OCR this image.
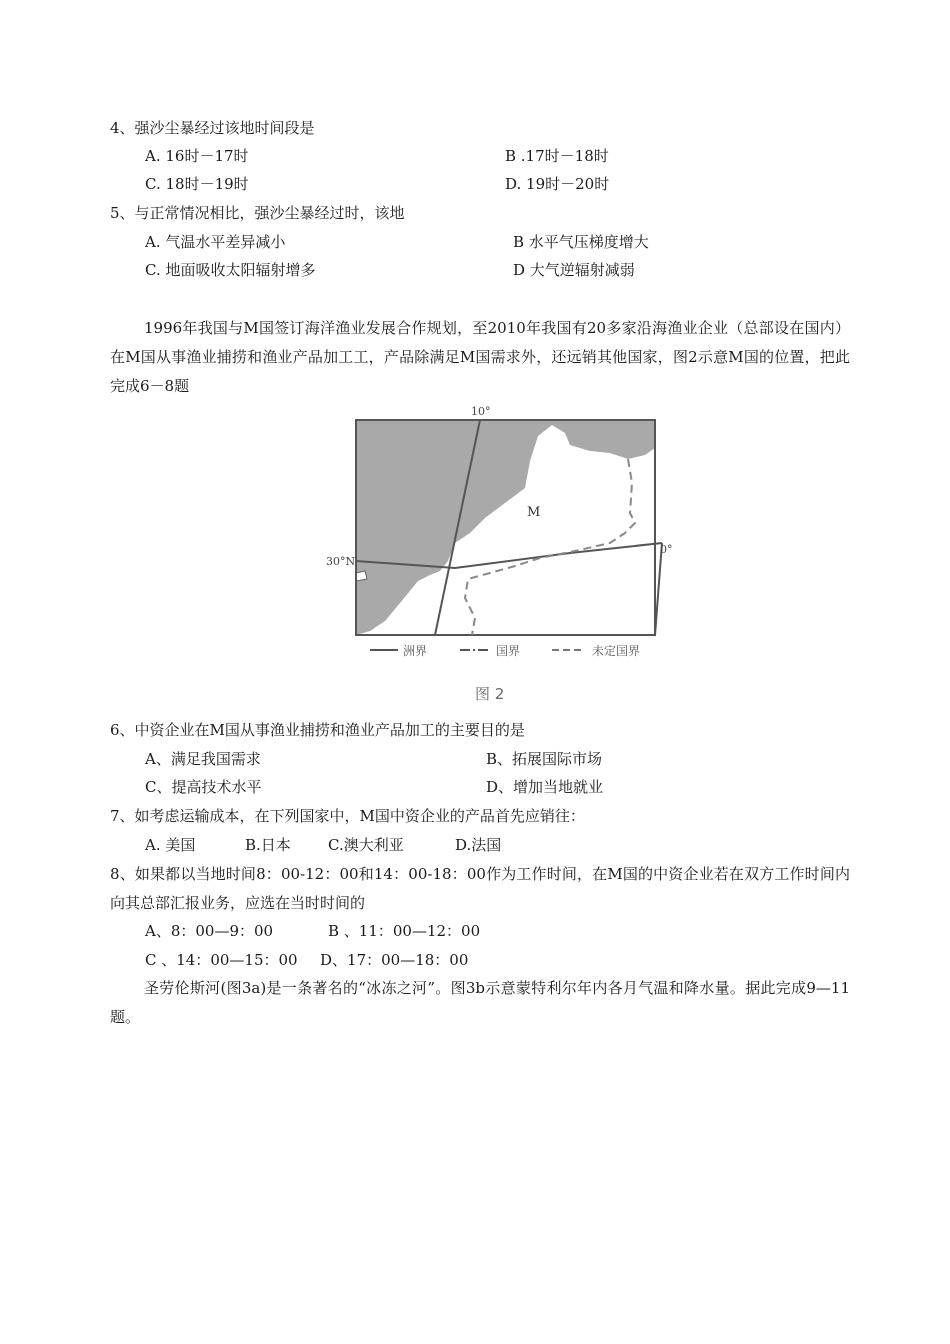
4、强沙尘暴经过该地时间段是
A. 16时－17时	B .17时－18时
C. 18时－19时	D. 19时－20时
5、与正常情况相比，强沙尘暴经过时，该地
A. 气温水平差异减小	B 水平气压梯度增大
C. 地面吸收太阳辐射增多	D 大气逆辐射减弱
1996年我国与M国签订海洋渔业发展合作规划，至2010年我国有20多家沿海渔业企业（总部设在国内）在M国从事渔业捕捞和渔业产品加工工，产品除满足M国需求外，还远销其他国家，图2示意M国的位置，把此完成6－8题
10°
30°N
0°
M
洲界	国界	未定国界
图 2
6、中资企业在M国从事渔业捕捞和渔业产品加工的主要目的是
A、满足我国需求	B、拓展国际市场
C、提高技术水平	D、增加当地就业
7、如考虑运输成本，在下列国家中，M国中资企业的产品首先应销往：
A. 美国	B.日本 C.澳大利亚	D.法国
8、如果都以当地时间8：00-12：00和14：00-18：00作为工作时间，在M国的中资企业若在双方工作时间内向其总部汇报业务，应选在当时时间的
A、8：00—9：00	B 、11：00—12：00
C 、14：00—15：00 D、17：00—18：00
圣劳伦斯河(图3a)是一条著名的“冰冻之河”。图3b示意蒙特利尔年内各月气温和降水量。据此完成9—11题。
